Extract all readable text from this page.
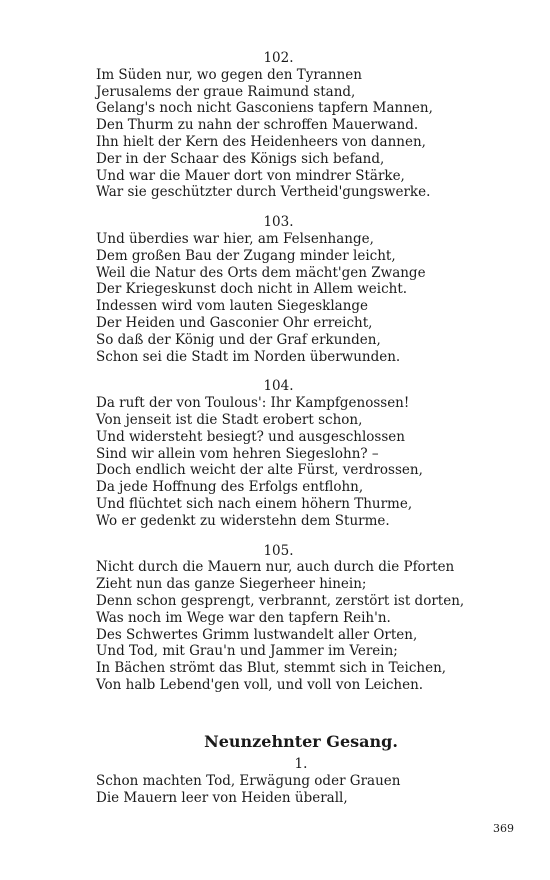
102.
Im Süden nur, wo gegen den Tyrannen
Jerusalems der graue Raimund stand,
Gelang's noch nicht Gasconiens tapfern Mannen,
Den Thurm zu nahn der schroffen Mauerwand.
Ihn hielt der Kern des Heidenheers von dannen,
Der in der Schaar des Königs sich befand,
Und war die Mauer dort von mindrer Stärke,
War sie geschützter durch Vertheid'gungswerke.
103.
Und überdies war hier, am Felsenhange,
Dem großen Bau der Zugang minder leicht,
Weil die Natur des Orts dem mächt'gen Zwange
Der Kriegeskunst doch nicht in Allem weicht.
Indessen wird vom lauten Siegesklange
Der Heiden und Gasconier Ohr erreicht,
So daß der König und der Graf erkunden,
Schon sei die Stadt im Norden überwunden.
104.
Da ruft der von Toulous': Ihr Kampfgenossen!
Von jenseit ist die Stadt erobert schon,
Und widersteht besiegt? und ausgeschlossen
Sind wir allein vom hehren Siegeslohn? –
Doch endlich weicht der alte Fürst, verdrossen,
Da jede Hoffnung des Erfolgs entflohn,
Und flüchtet sich nach einem höhern Thurme,
Wo er gedenkt zu widerstehn dem Sturme.
105.
Nicht durch die Mauern nur, auch durch die Pforten
Zieht nun das ganze Siegerheer hinein;
Denn schon gesprengt, verbrannt, zerstört ist dorten,
Was noch im Wege war den tapfern Reih'n.
Des Schwertes Grimm lustwandelt aller Orten,
Und Tod, mit Grau'n und Jammer im Verein;
In Bächen strömt das Blut, stemmt sich in Teichen,
Von halb Lebend'gen voll, und voll von Leichen.
Neunzehnter Gesang.
1.
Schon machten Tod, Erwägung oder Grauen
Die Mauern leer von Heiden überall,
369
